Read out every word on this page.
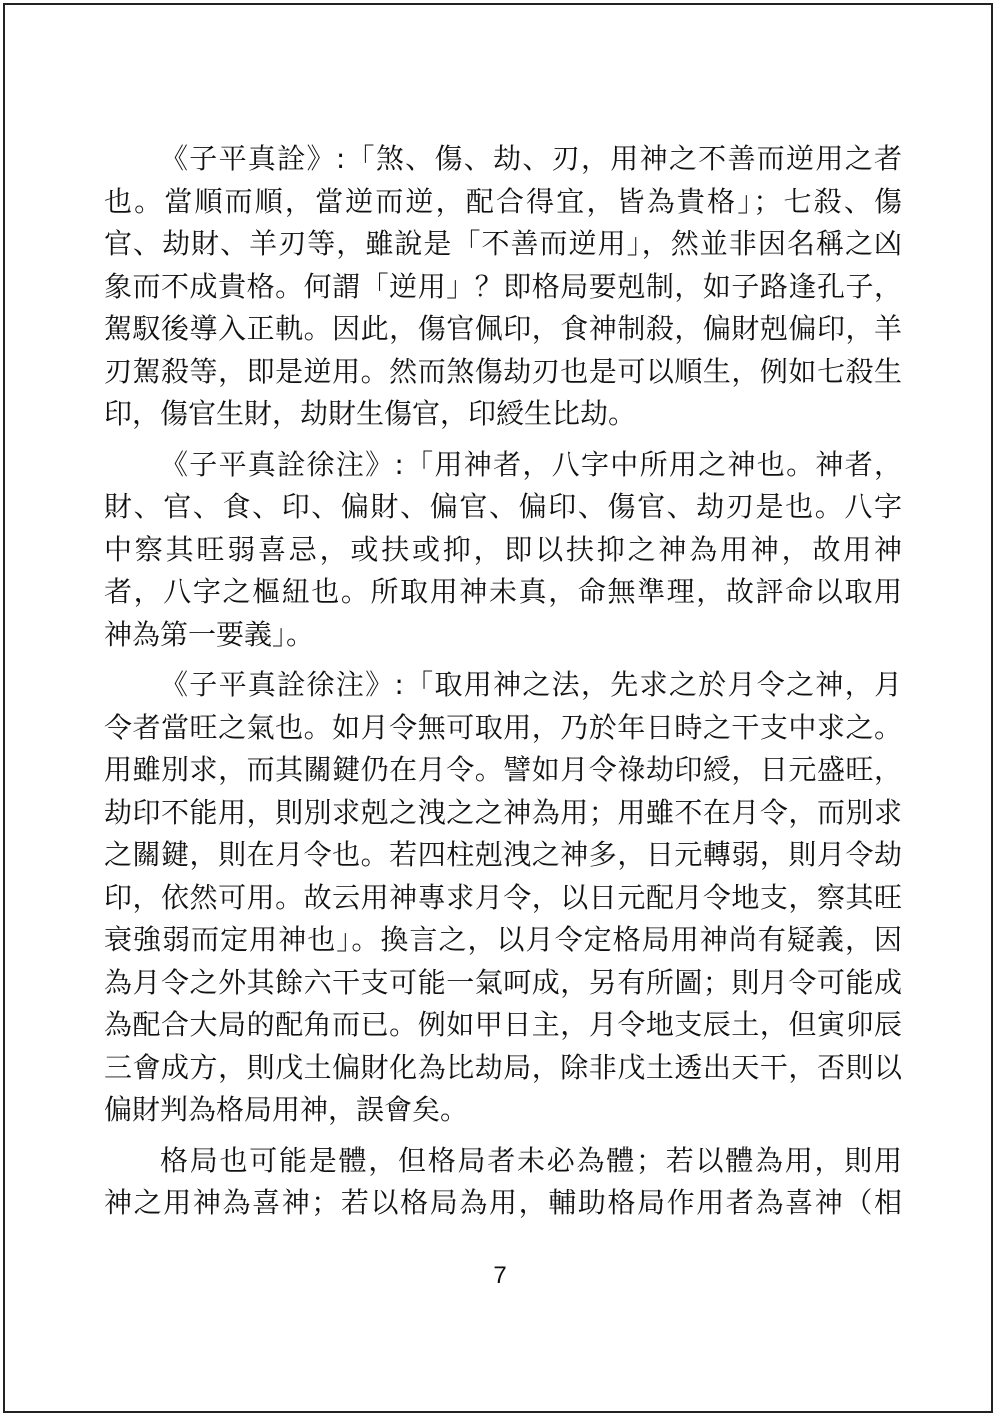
《子平真詮》:「煞、傷、劫、刃，用神之不善而逆用之者
也。當順而順，當逆而逆，配合得宜，皆為貴格」；七殺、傷
官、劫財、羊刃等，雖說是「不善而逆用」，然並非因名稱之凶
象而不成貴格。何謂「逆用」？即格局要剋制，如子路逢孔子，
駕馭後導入正軌。因此，傷官佩印，食神制殺，偏財剋偏印，羊
刃駕殺等，即是逆用。然而煞傷劫刃也是可以順生，例如七殺生
印，傷官生財，劫財生傷官，印綬生比劫。
《子平真詮徐注》:「用神者，八字中所用之神也。神者，
財、官、食、印、偏財、偏官、偏印、傷官、劫刃是也。八字
中察其旺弱喜忌，或扶或抑，即以扶抑之神為用神，故用神
者，八字之樞紐也。所取用神未真，命無準理，故評命以取用
神為第一要義」。
《子平真詮徐注》:「取用神之法，先求之於月令之神，月
令者當旺之氣也。如月令無可取用，乃於年日時之干支中求之。
用雖別求，而其關鍵仍在月令。譬如月令祿劫印綬，日元盛旺，
劫印不能用，則別求剋之洩之之神為用；用雖不在月令，而別求
之關鍵，則在月令也。若四柱剋洩之神多，日元轉弱，則月令劫
印，依然可用。故云用神專求月令，以日元配月令地支，察其旺
衰強弱而定用神也」。換言之，以月令定格局用神尚有疑義，因
為月令之外其餘六干支可能一氣呵成，另有所圖；則月令可能成
為配合大局的配角而已。例如甲日主，月令地支辰土，但寅卯辰
三會成方，則戊土偏財化為比劫局，除非戊土透出天干，否則以
偏財判為格局用神，誤會矣。
格局也可能是體，但格局者未必為體；若以體為用，則用
神之用神為喜神；若以格局為用，輔助格局作用者為喜神（相
7
